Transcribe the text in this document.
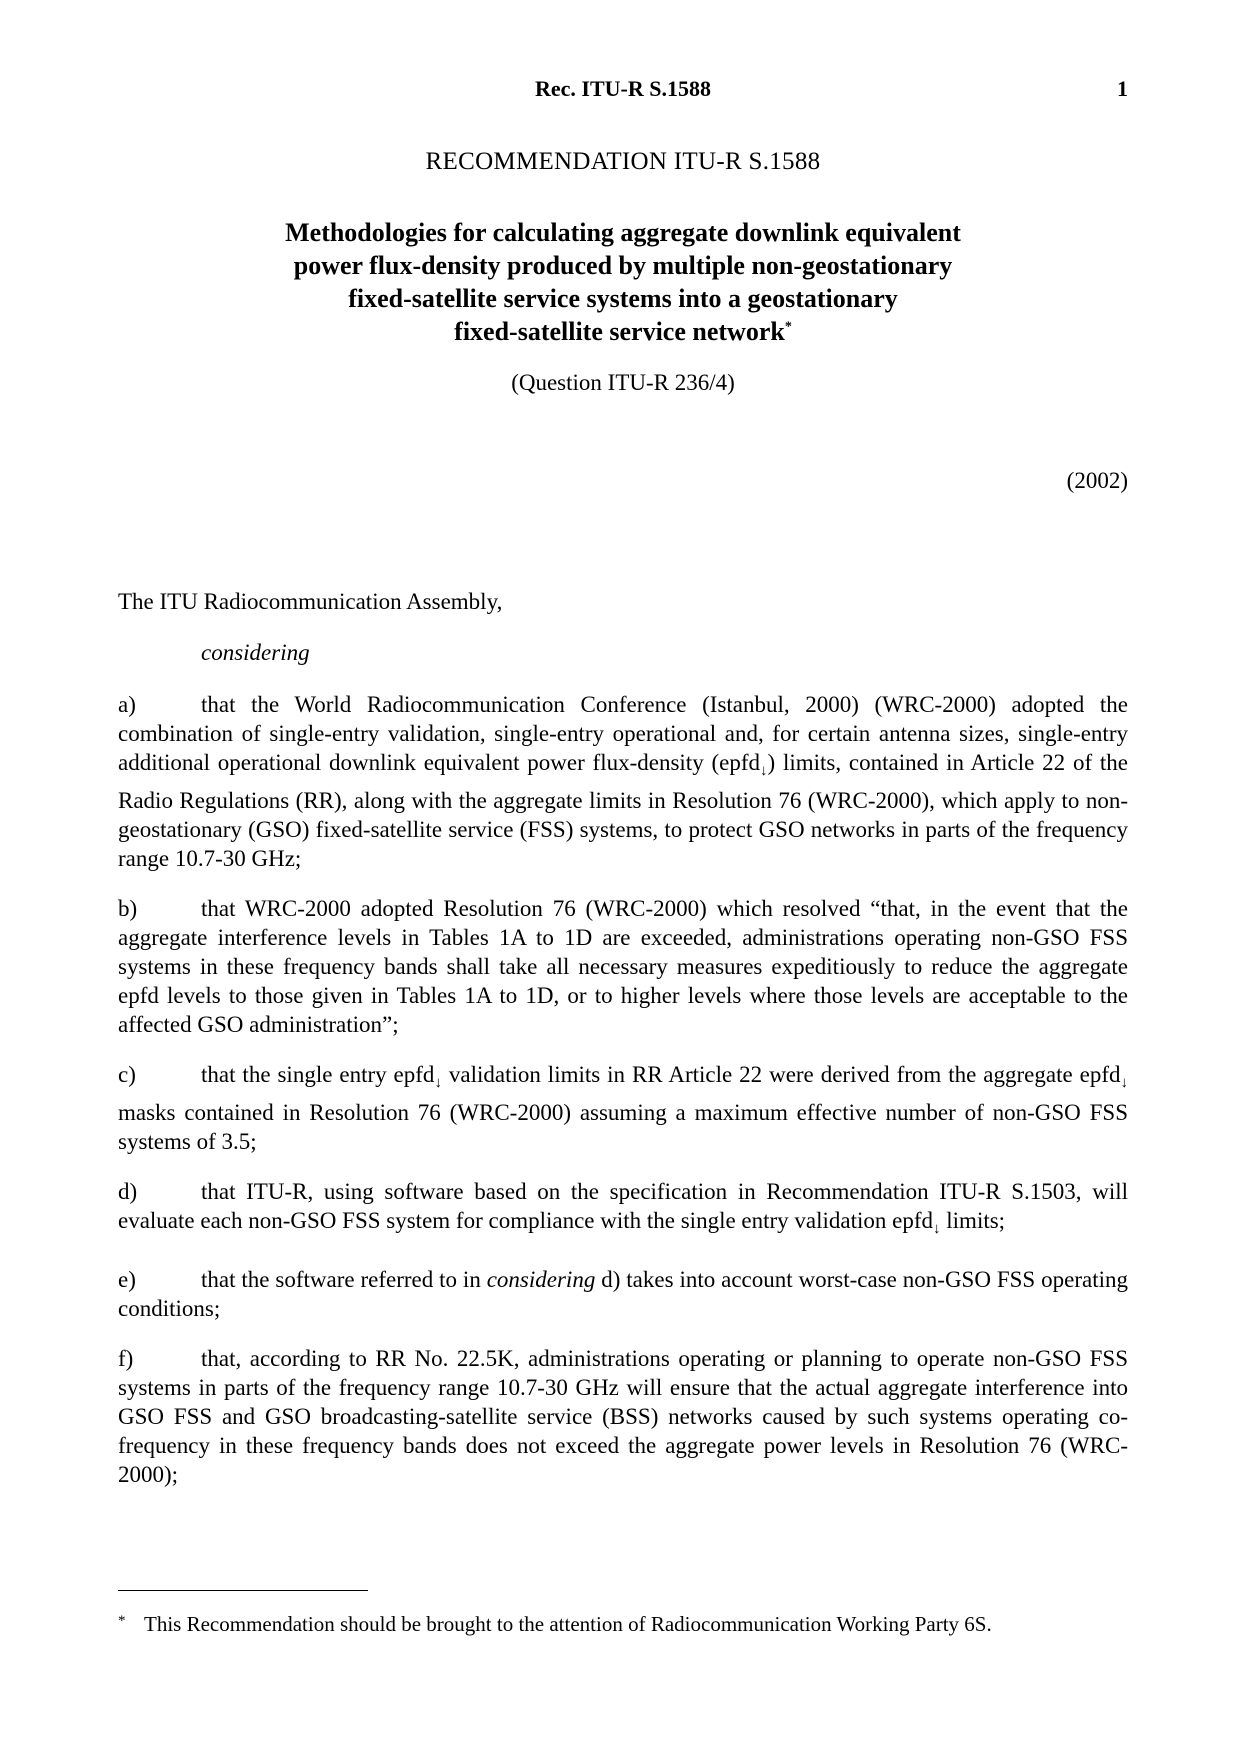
Rec. ITU-R S.1588	1
RECOMMENDATION ITU-R S.1588
Methodologies for calculating aggregate downlink equivalent
power flux-density produced by multiple non-geostationary
fixed-satellite service systems into a geostationary
fixed-satellite service network*
(Question ITU-R 236/4)
(2002)
The ITU Radiocommunication Assembly,
considering

a)	that the World Radiocommunication Conference (Istanbul, 2000) (WRC-2000) adopted the combination of single-entry validation, single-entry operational and, for certain antenna sizes, single-entry additional operational downlink equivalent power flux-density (epfd$_↓$) limits, contained in Article 22 of the Radio Regulations (RR), along with the aggregate limits in Resolution 76 (WRC-2000), which apply to non-geostationary (GSO) fixed-satellite service (FSS) systems, to protect GSO networks in parts of the frequency range 10.7-30 GHz;

b)	that WRC-2000 adopted Resolution 76 (WRC-2000) which resolved “that, in the event that the aggregate interference levels in Tables 1A to 1D are exceeded, administrations operating non-GSO FSS systems in these frequency bands shall take all necessary measures expeditiously to reduce the aggregate epfd levels to those given in Tables 1A to 1D, or to higher levels where those levels are acceptable to the affected GSO administration”;

c)	that the single entry epfd$_↓$ validation limits in RR Article 22 were derived from the aggregate epfd$_↓$ masks contained in Resolution 76 (WRC-2000) assuming a maximum effective number of non-GSO FSS systems of 3.5;

d)	that ITU-R, using software based on the specification in Recommendation ITU-R S.1503, will evaluate each non-GSO FSS system for compliance with the single entry validation epfd$_↓$ limits;

e)	that the software referred to in considering d) takes into account worst-case non-GSO FSS operating conditions;

f)	that, according to RR No. 22.5K, administrations operating or planning to operate non-GSO FSS systems in parts of the frequency range 10.7-30 GHz will ensure that the actual aggregate interference into GSO FSS and GSO broadcasting-satellite service (BSS) networks caused by such systems operating co-frequency in these frequency bands does not exceed the aggregate power levels in Resolution 76 (WRC-2000);

* This Recommendation should be brought to the attention of Radiocommunication Working Party 6S.
